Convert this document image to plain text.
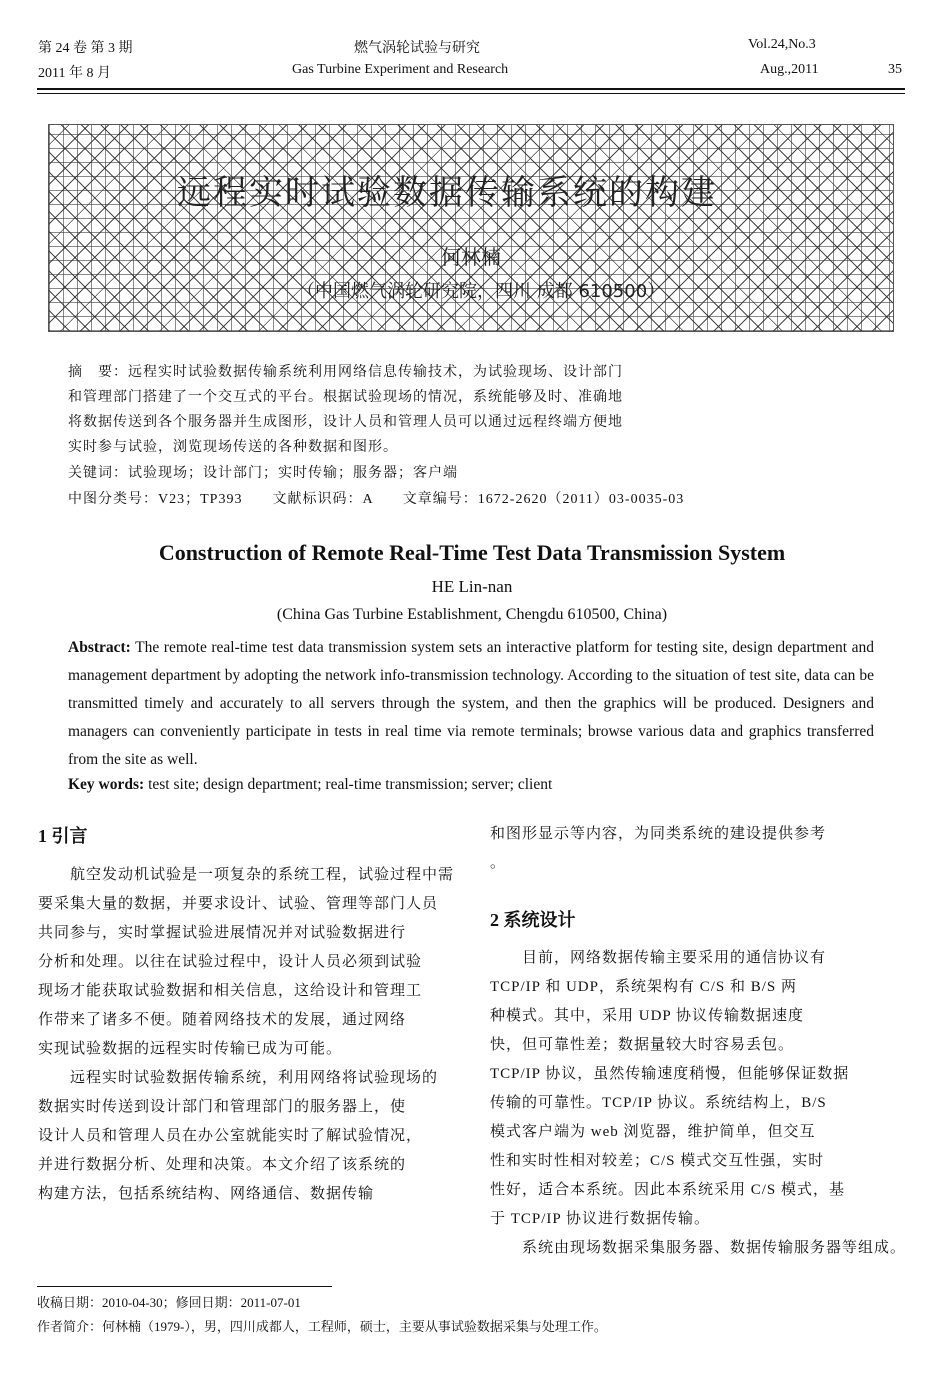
第 24 卷 第 3 期	燃气涡轮试验与研究	Vol.24,No.3
2011 年 8 月	Gas Turbine Experiment and Research	Aug.,2011	35
远程实时试验数据传输系统的构建
何林楠
（中国燃气涡轮研究院，四川 成都 610500）
摘　要：远程实时试验数据传输系统利用网络信息传输技术，为试验现场、设计部门
和管理部门搭建了一个交互式的平台。根据试验现场的情况，系统能够及时、准确地
将数据传送到各个服务器并生成图形，设计人员和管理人员可以通过远程终端方便地
实时参与试验，浏览现场传送的各种数据和图形。
关键词：试验现场；设计部门；实时传输；服务器；客户端
中图分类号：V23；TP393　　文献标识码：A　　文章编号：1672-2620（2011）03-0035-03
Construction of Remote Real-Time Test Data Transmission System
HE Lin-nan
(China Gas Turbine Establishment, Chengdu 610500, China)
Abstract: The remote real-time test data transmission system sets an interactive platform for testing site, design department and management department by adopting the network info-transmission technology. According to the situation of test site, data can be transmitted timely and accurately to all servers through the system, and then the graphics will be produced. Designers and managers can conveniently participate in tests in real time via remote terminals; browse various data and graphics transferred from the site as well.
Key words: test site; design department; real-time transmission; server; client
1 引言
　　航空发动机试验是一项复杂的系统工程，试验过程中需
要采集大量的数据，并要求设计、试验、管理等部门人员
共同参与，实时掌握试验进展情况并对试验数据进行
分析和处理。以往在试验过程中，设计人员必须到试验
现场才能获取试验数据和相关信息，这给设计和管理工
作带来了诸多不便。随着网络技术的发展，通过网络
实现试验数据的远程实时传输已成为可能。
　　远程实时试验数据传输系统，利用网络将试验现场的
数据实时传送到设计部门和管理部门的服务器上，使
设计人员和管理人员在办公室就能实时了解试验情况，
并进行数据分析、处理和决策。本文介绍了该系统的
构建方法，包括系统结构、网络通信、数据传输
和图形显示等内容，为同类系统的建设提供参考
。
2 系统设计
　　目前，网络数据传输主要采用的通信协议有
TCP/IP 和 UDP，系统架构有 C/S 和 B/S 两
种模式。其中，采用 UDP 协议传输数据速度
快，但可靠性差；数据量较大时容易丢包。
TCP/IP 协议，虽然传输速度稍慢，但能够保证数据
传输的可靠性。TCP/IP 协议。系统结构上，B/S
模式客户端为 web 浏览器，维护简单，但交互
性和实时性相对较差；C/S 模式交互性强，实时
性好，适合本系统。因此本系统采用 C/S 模式，基
于 TCP/IP 协议进行数据传输。
　　系统由现场数据采集服务器、数据传输服务器等组成。
收稿日期：2010-04-30；修回日期：2011-07-01
作者简介：何林楠（1979-），男，四川成都人，工程师，硕士，主要从事试验数据采集与处理工作。
